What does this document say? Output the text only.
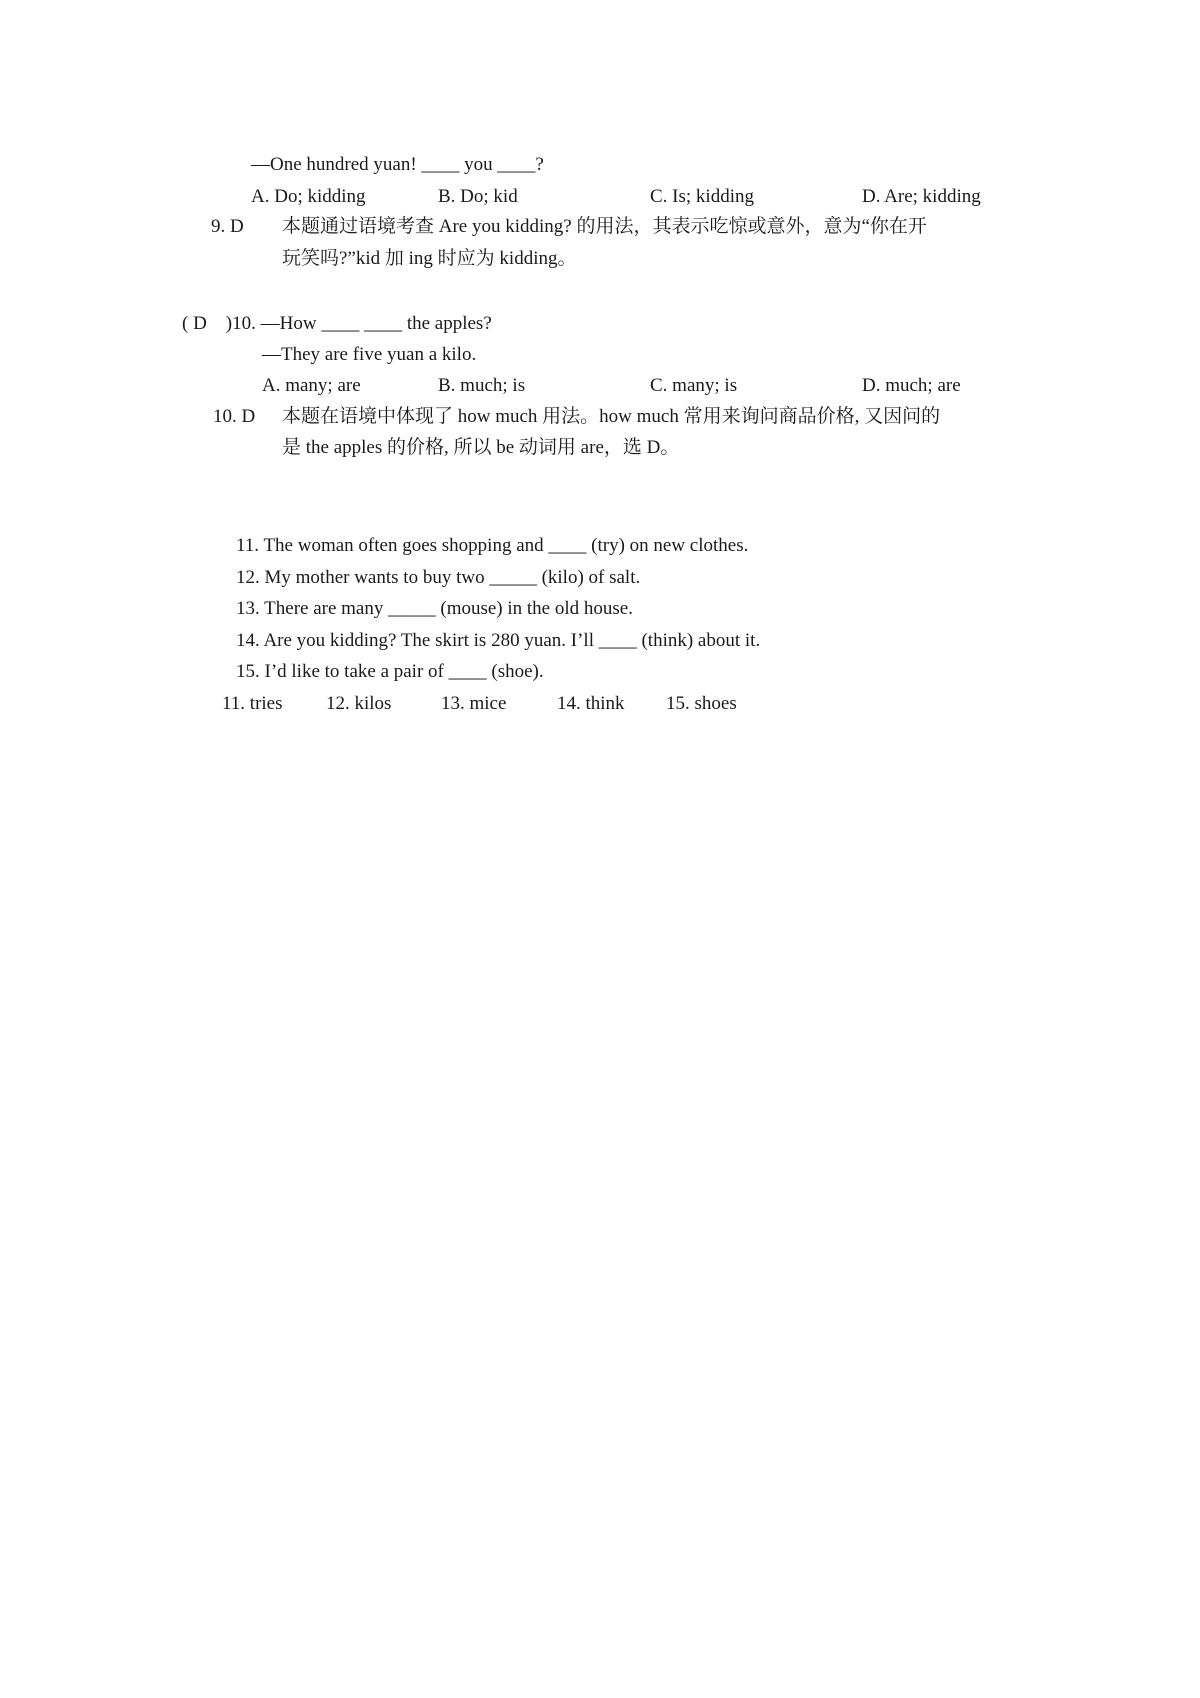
—One hundred yuan! ____ you ____?
A. Do; kidding	B. Do; kid	C. Is; kidding	D. Are; kidding
9. D 本题通过语境考查 Are you kidding? 的用法，其表示吃惊或意外，意为“你在开
玩笑吗?”kid 加 ing 时应为 kidding。
( D　)10. —How ____ ____ the apples?
—They are five yuan a kilo.
A. many; are	B. much; is	C. many; is	D. much; are
10. D 本题在语境中体现了 how much 用法。how much 常用来询问商品价格, 又因问的
是 the apples 的价格, 所以 be 动词用 are，选 D。
11. The woman often goes shopping and ____ (try) on new clothes.
12. My mother wants to buy two _____ (kilo) of salt.
13. There are many _____ (mouse) in the old house.
14. Are you kidding? The skirt is 280 yuan. I’ll ____ (think) about it.
15. I’d like to take a pair of ____ (shoe).
11. tries 12. kilos	13. mice	14. think 15. shoes
